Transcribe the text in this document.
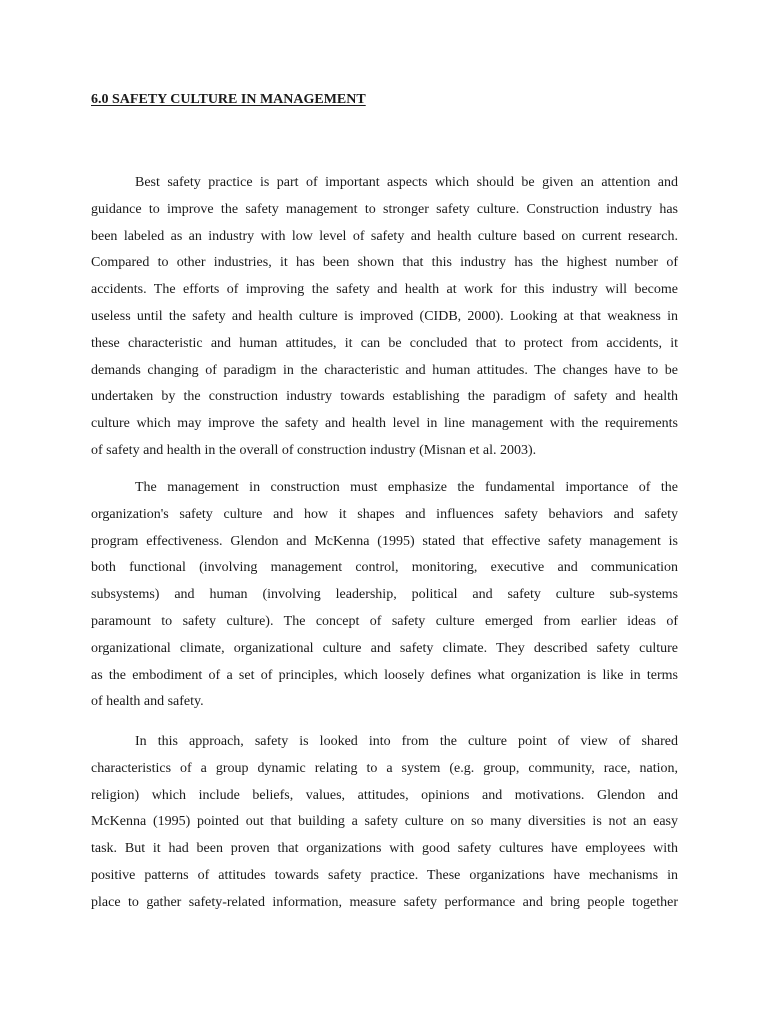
6.0 SAFETY CULTURE IN MANAGEMENT

Best safety practice is part of important aspects which should be given an attention and
guidance to improve the safety management to stronger safety culture. Construction industry has
been labeled as an industry with low level of safety and health culture based on current research.
Compared to other industries, it has been shown that this industry has the highest number of
accidents. The efforts of improving the safety and health at work for this industry will become
useless until the safety and health culture is improved (CIDB, 2000). Looking at that weakness in
these characteristic and human attitudes, it can be concluded that to protect from accidents, it
demands changing of paradigm in the characteristic and human attitudes. The changes have to be
undertaken by the construction industry towards establishing the paradigm of safety and health
culture which may improve the safety and health level in line management with the requirements
of safety and health in the overall of construction industry (Misnan et al. 2003).

The management in construction must emphasize the fundamental importance of the
organization's safety culture and how it shapes and influences safety behaviors and safety
program effectiveness. Glendon and McKenna (1995) stated that effective safety management is
both functional (involving management control, monitoring, executive and communication
subsystems) and human (involving leadership, political and safety culture sub-systems
paramount to safety culture). The concept of safety culture emerged from earlier ideas of
organizational climate, organizational culture and safety climate. They described safety culture
as the embodiment of a set of principles, which loosely defines what organization is like in terms
of health and safety.

In this approach, safety is looked into from the culture point of view of shared
characteristics of a group dynamic relating to a system (e.g. group, community, race, nation,
religion) which include beliefs, values, attitudes, opinions and motivations. Glendon and
McKenna (1995) pointed out that building a safety culture on so many diversities is not an easy
task. But it had been proven that organizations with good safety cultures have employees with
positive patterns of attitudes towards safety practice. These organizations have mechanisms in
place to gather safety-related information, measure safety performance and bring people together
